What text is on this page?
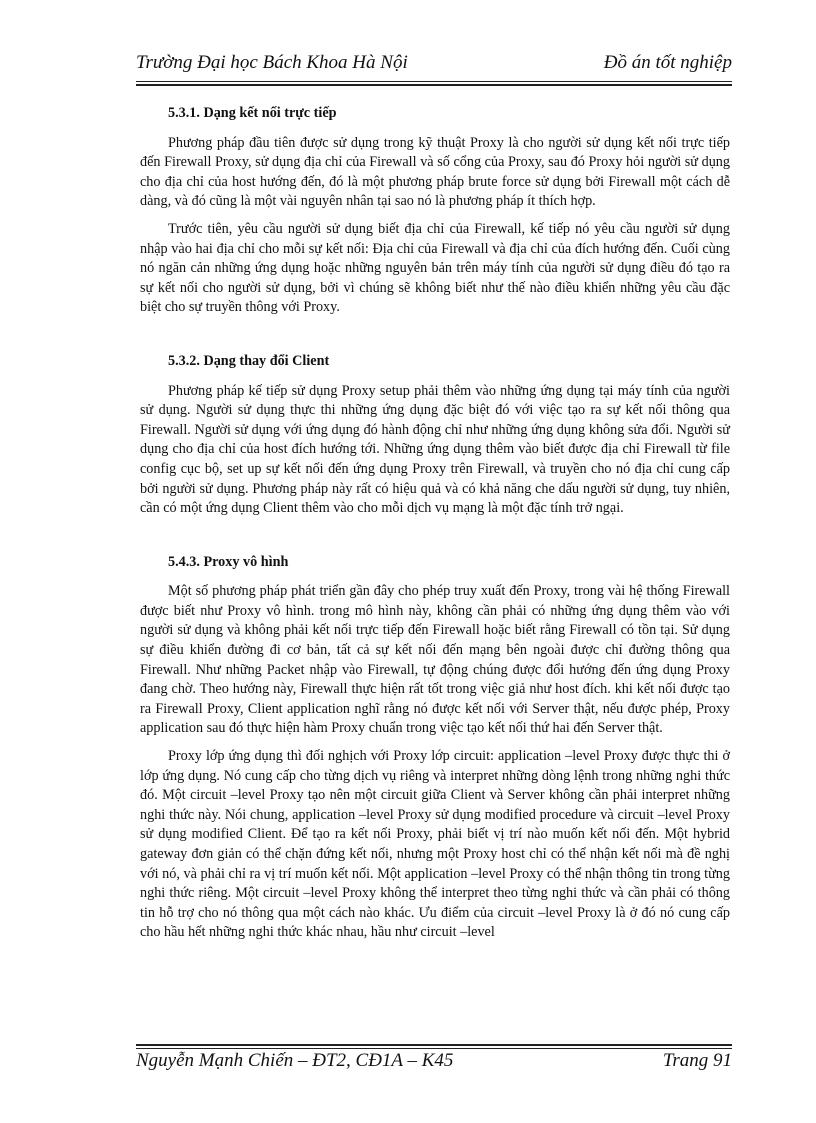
Trường Đại học Bách Khoa Hà Nội	Đồ án tốt nghiệp
5.3.1. Dạng kết nối trực tiếp

Phương pháp đầu tiên được sử dụng trong kỹ thuật Proxy là cho người sử dụng kết nối trực tiếp đến Firewall Proxy, sử dụng địa chỉ của Firewall và số cổng của Proxy, sau đó Proxy hỏi người sử dụng cho địa chỉ của host hướng đến, đó là một phương pháp brute force sử dụng bởi Firewall một cách dễ dàng, và đó cũng là một vài nguyên nhân tại sao nó là phương pháp ít thích hợp.

Trước tiên, yêu cầu người sử dụng biết địa chỉ của Firewall, kế tiếp nó yêu cầu người sử dụng nhập vào hai địa chỉ cho mỗi sự kết nối: Địa chỉ của Firewall và địa chỉ của đích hướng đến. Cuối cùng nó ngăn cản những ứng dụng hoặc những nguyên bản trên máy tính của người sử dụng điều đó tạo ra sự kết nối cho người sử dụng, bởi vì chúng sẽ không biết như thế nào điều khiển những yêu cầu đặc biệt cho sự truyền thông với Proxy.

5.3.2. Dạng thay đổi Client

Phương pháp kế tiếp sử dụng Proxy setup phải thêm vào những ứng dụng tại máy tính của người sử dụng. Người sử dụng thực thi những ứng dụng đặc biệt đó với việc tạo ra sự kết nối thông qua Firewall. Người sử dụng với ứng dụng đó hành động chỉ như những ứng dụng không sửa đổi. Người sử dụng cho địa chỉ của host đích hướng tới. Những ứng dụng thêm vào biết được địa chỉ Firewall từ file config cục bộ, set up sự kết nối đến ứng dụng Proxy trên Firewall, và truyền cho nó địa chỉ cung cấp bởi người sử dụng. Phương pháp này rất có hiệu quả và có khả năng che dấu người sử dụng, tuy nhiên, cần có một ứng dụng Client thêm vào cho mỗi dịch vụ mạng là một đặc tính trở ngại.

5.4.3. Proxy vô hình

Một số phương pháp phát triển gần đây cho phép truy xuất đến Proxy, trong vài hệ thống Firewall được biết như Proxy vô hình. trong mô hình này, không cần phải có những ứng dụng thêm vào với người sử dụng và không phải kết nối trực tiếp đến Firewall hoặc biết rằng Firewall có tồn tại. Sử dụng sự điều khiển đường đi cơ bản, tất cả sự kết nối đến mạng bên ngoài được chỉ đường thông qua Firewall. Như những Packet nhập vào Firewall, tự động chúng được đổi hướng đến ứng dụng Proxy đang chờ. Theo hướng này, Firewall thực hiện rất tốt trong việc giả như host đích. khi kết nối được tạo ra Firewall Proxy, Client application nghĩ rằng nó được kết nối với Server thật, nếu được phép, Proxy application sau đó thực hiện hàm Proxy chuẩn trong việc tạo kết nối thứ hai đến Server thật.

Proxy lớp ứng dụng thì đối nghịch với Proxy lớp circuit: application –level Proxy được thực thi ở lớp ứng dụng. Nó cung cấp cho từng dịch vụ riêng và interpret những dòng lệnh trong những nghi thức đó. Một circuit –level Proxy tạo nên một circuit giữa Client và Server không cần phải interpret những nghi thức này. Nói chung, application –level Proxy sử dụng modified procedure và circuit –level Proxy sử dụng modified Client. Để tạo ra kết nối Proxy, phải biết vị trí nào muốn kết nối đến. Một hybrid gateway đơn giản có thể chặn đứng kết nối, nhưng một Proxy host chỉ có thể nhận kết nối mà đề nghị với nó, và phải chỉ ra vị trí muốn kết nối. Một application –level Proxy có thể nhận thông tin trong từng nghi thức riêng. Một circuit –level Proxy không thể interpret theo từng nghi thức và cần phải có thông tin hỗ trợ cho nó thông qua một cách nào khác. Ưu điểm của circuit –level Proxy là ở đó nó cung cấp cho hầu hết những nghi thức khác nhau, hầu như circuit –level

Nguyễn Mạnh Chiến – ĐT2, CĐ1A – K45	Trang 91
